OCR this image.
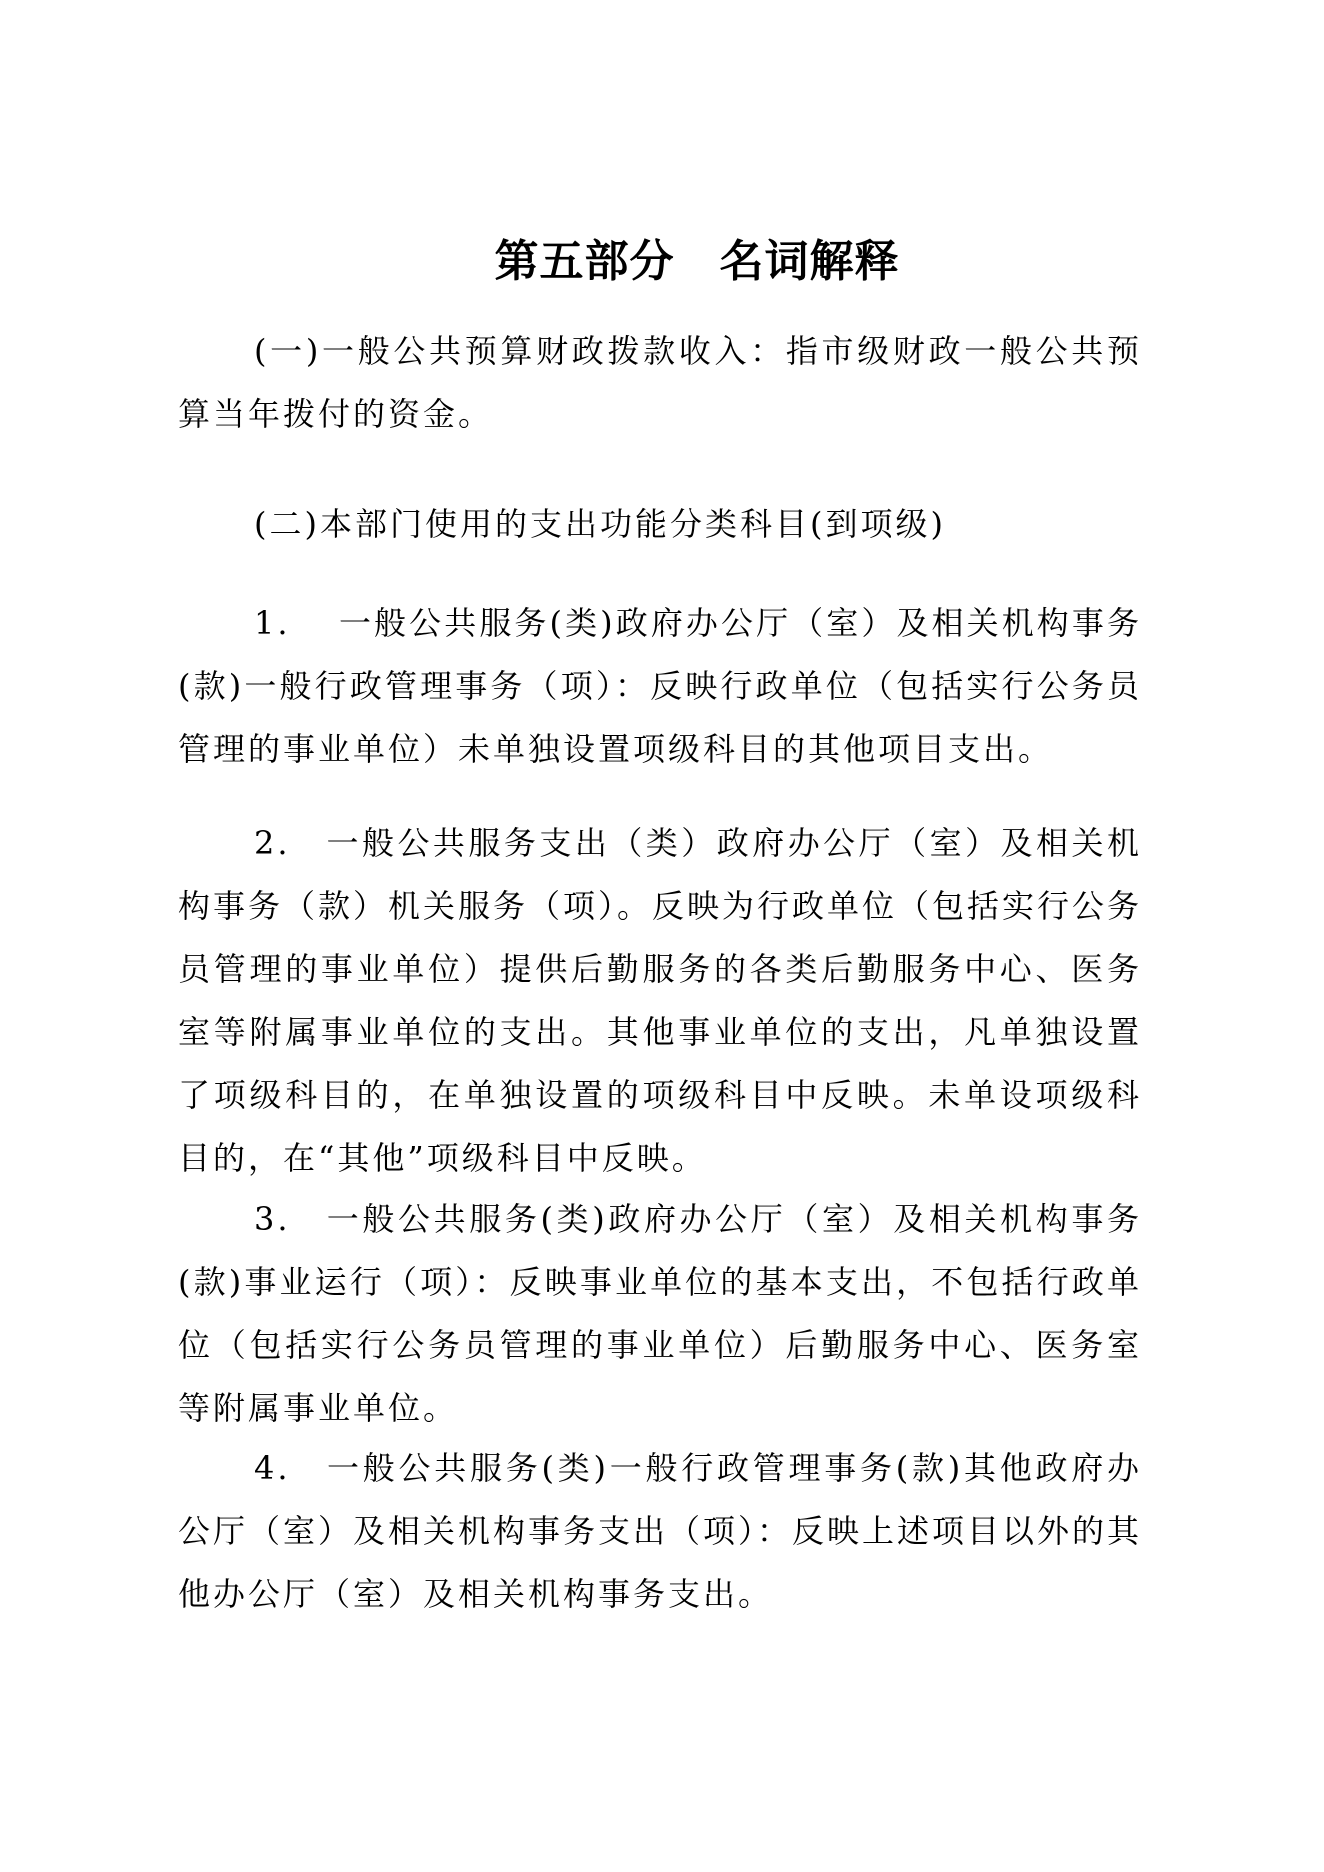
第五部分　名词解释

(一)一般公共预算财政拨款收入：指市级财政一般公共预算当年拨付的资金。

(二)本部门使用的支出功能分类科目(到项级)

1.　 一般公共服务(类)政府办公厅（室）及相关机构事务(款)一般行政管理事务（项）：反映行政单位（包括实行公务员管理的事业单位）未单独设置项级科目的其他项目支出。

2.　 一般公共服务支出（类）政府办公厅（室）及相关机构事务（款）机关服务（项）。反映为行政单位（包括实行公务员管理的事业单位）提供后勤服务的各类后勤服务中心、医务室等附属事业单位的支出。其他事业单位的支出，凡单独设置了项级科目的，在单独设置的项级科目中反映。未单设项级科目的，在“其他”项级科目中反映。

3.　 一般公共服务(类)政府办公厅（室）及相关机构事务(款)事业运行（项）：反映事业单位的基本支出，不包括行政单位（包括实行公务员管理的事业单位）后勤服务中心、医务室等附属事业单位。

4.　 一般公共服务(类)一般行政管理事务(款)其他政府办公厅（室）及相关机构事务支出（项）：反映上述项目以外的其他办公厅（室）及相关机构事务支出。
